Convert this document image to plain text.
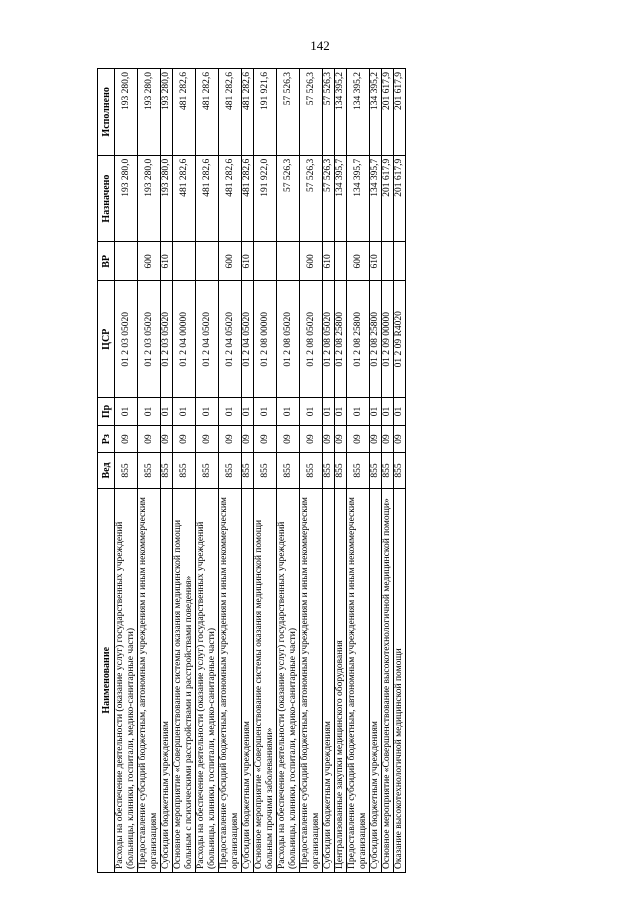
142
Наименование	Вед	Рз	Пр	ЦСР	ВР	Назначено	Исполнено
Расходы на обеспечение деятельности (оказание услуг) государственных учреждений (больницы, клиники, госпитали, медико-санитарные части)	855	09	01	01 2 03 05020		193 280,0	193 280,0
Предоставление субсидий бюджетным, автономным учреждениям и иным некоммерческим организациям	855	09	01	01 2 03 05020	600	193 280,0	193 280,0
Субсидии бюджетным учреждениям	855	09	01	01 2 03 05020	610	193 280,0	193 280,0
Основное мероприятие «Совершенствование системы оказания медицинской помощи больным с психическими расстройствами и расстройствами поведения»	855	09	01	01 2 04 00000		481 282,6	481 282,6
Расходы на обеспечение деятельности (оказание услуг) государственных учреждений (больницы, клиники, госпитали, медико-санитарные части)	855	09	01	01 2 04 05020		481 282,6	481 282,6
Предоставление субсидий бюджетным, автономным учреждениям и иным некоммерческим организациям	855	09	01	01 2 04 05020	600	481 282,6	481 282,6
Субсидии бюджетным учреждениям	855	09	01	01 2 04 05020	610	481 282,6	481 282,6
Основное мероприятие «Совершенствование системы оказания медицинской помощи больным прочими заболеваниями»	855	09	01	01 2 08 00000		191 922,0	191 921,6
Расходы на обеспечение деятельности (оказание услуг) государственных учреждений (больницы, клиники, госпитали, медико-санитарные части)	855	09	01	01 2 08 05020		57 526,3	57 526,3
Предоставление субсидий бюджетным, автономным учреждениям и иным некоммерческим организациям	855	09	01	01 2 08 05020	600	57 526,3	57 526,3
Субсидии бюджетным учреждениям	855	09	01	01 2 08 05020	610	57 526,3	57 526,3
Централизованные закупки медицинского оборудования	855	09	01	01 2 08 25800		134 395,7	134 395,2
Предоставление субсидий бюджетным, автономным учреждениям и иным некоммерческим организациям	855	09	01	01 2 08 25800	600	134 395,7	134 395,2
Субсидии бюджетным учреждениям	855	09	01	01 2 08 25800	610	134 395,7	134 395,2
Основное мероприятие «Совершенствование высокотехнологичной медицинской помощи»	855	09	01	01 2 09 00000		201 617,9	201 617,9
Оказание высокотехнологичной медицинской помощи	855	09	01	01 2 09 R4020		201 617,9	201 617,9
